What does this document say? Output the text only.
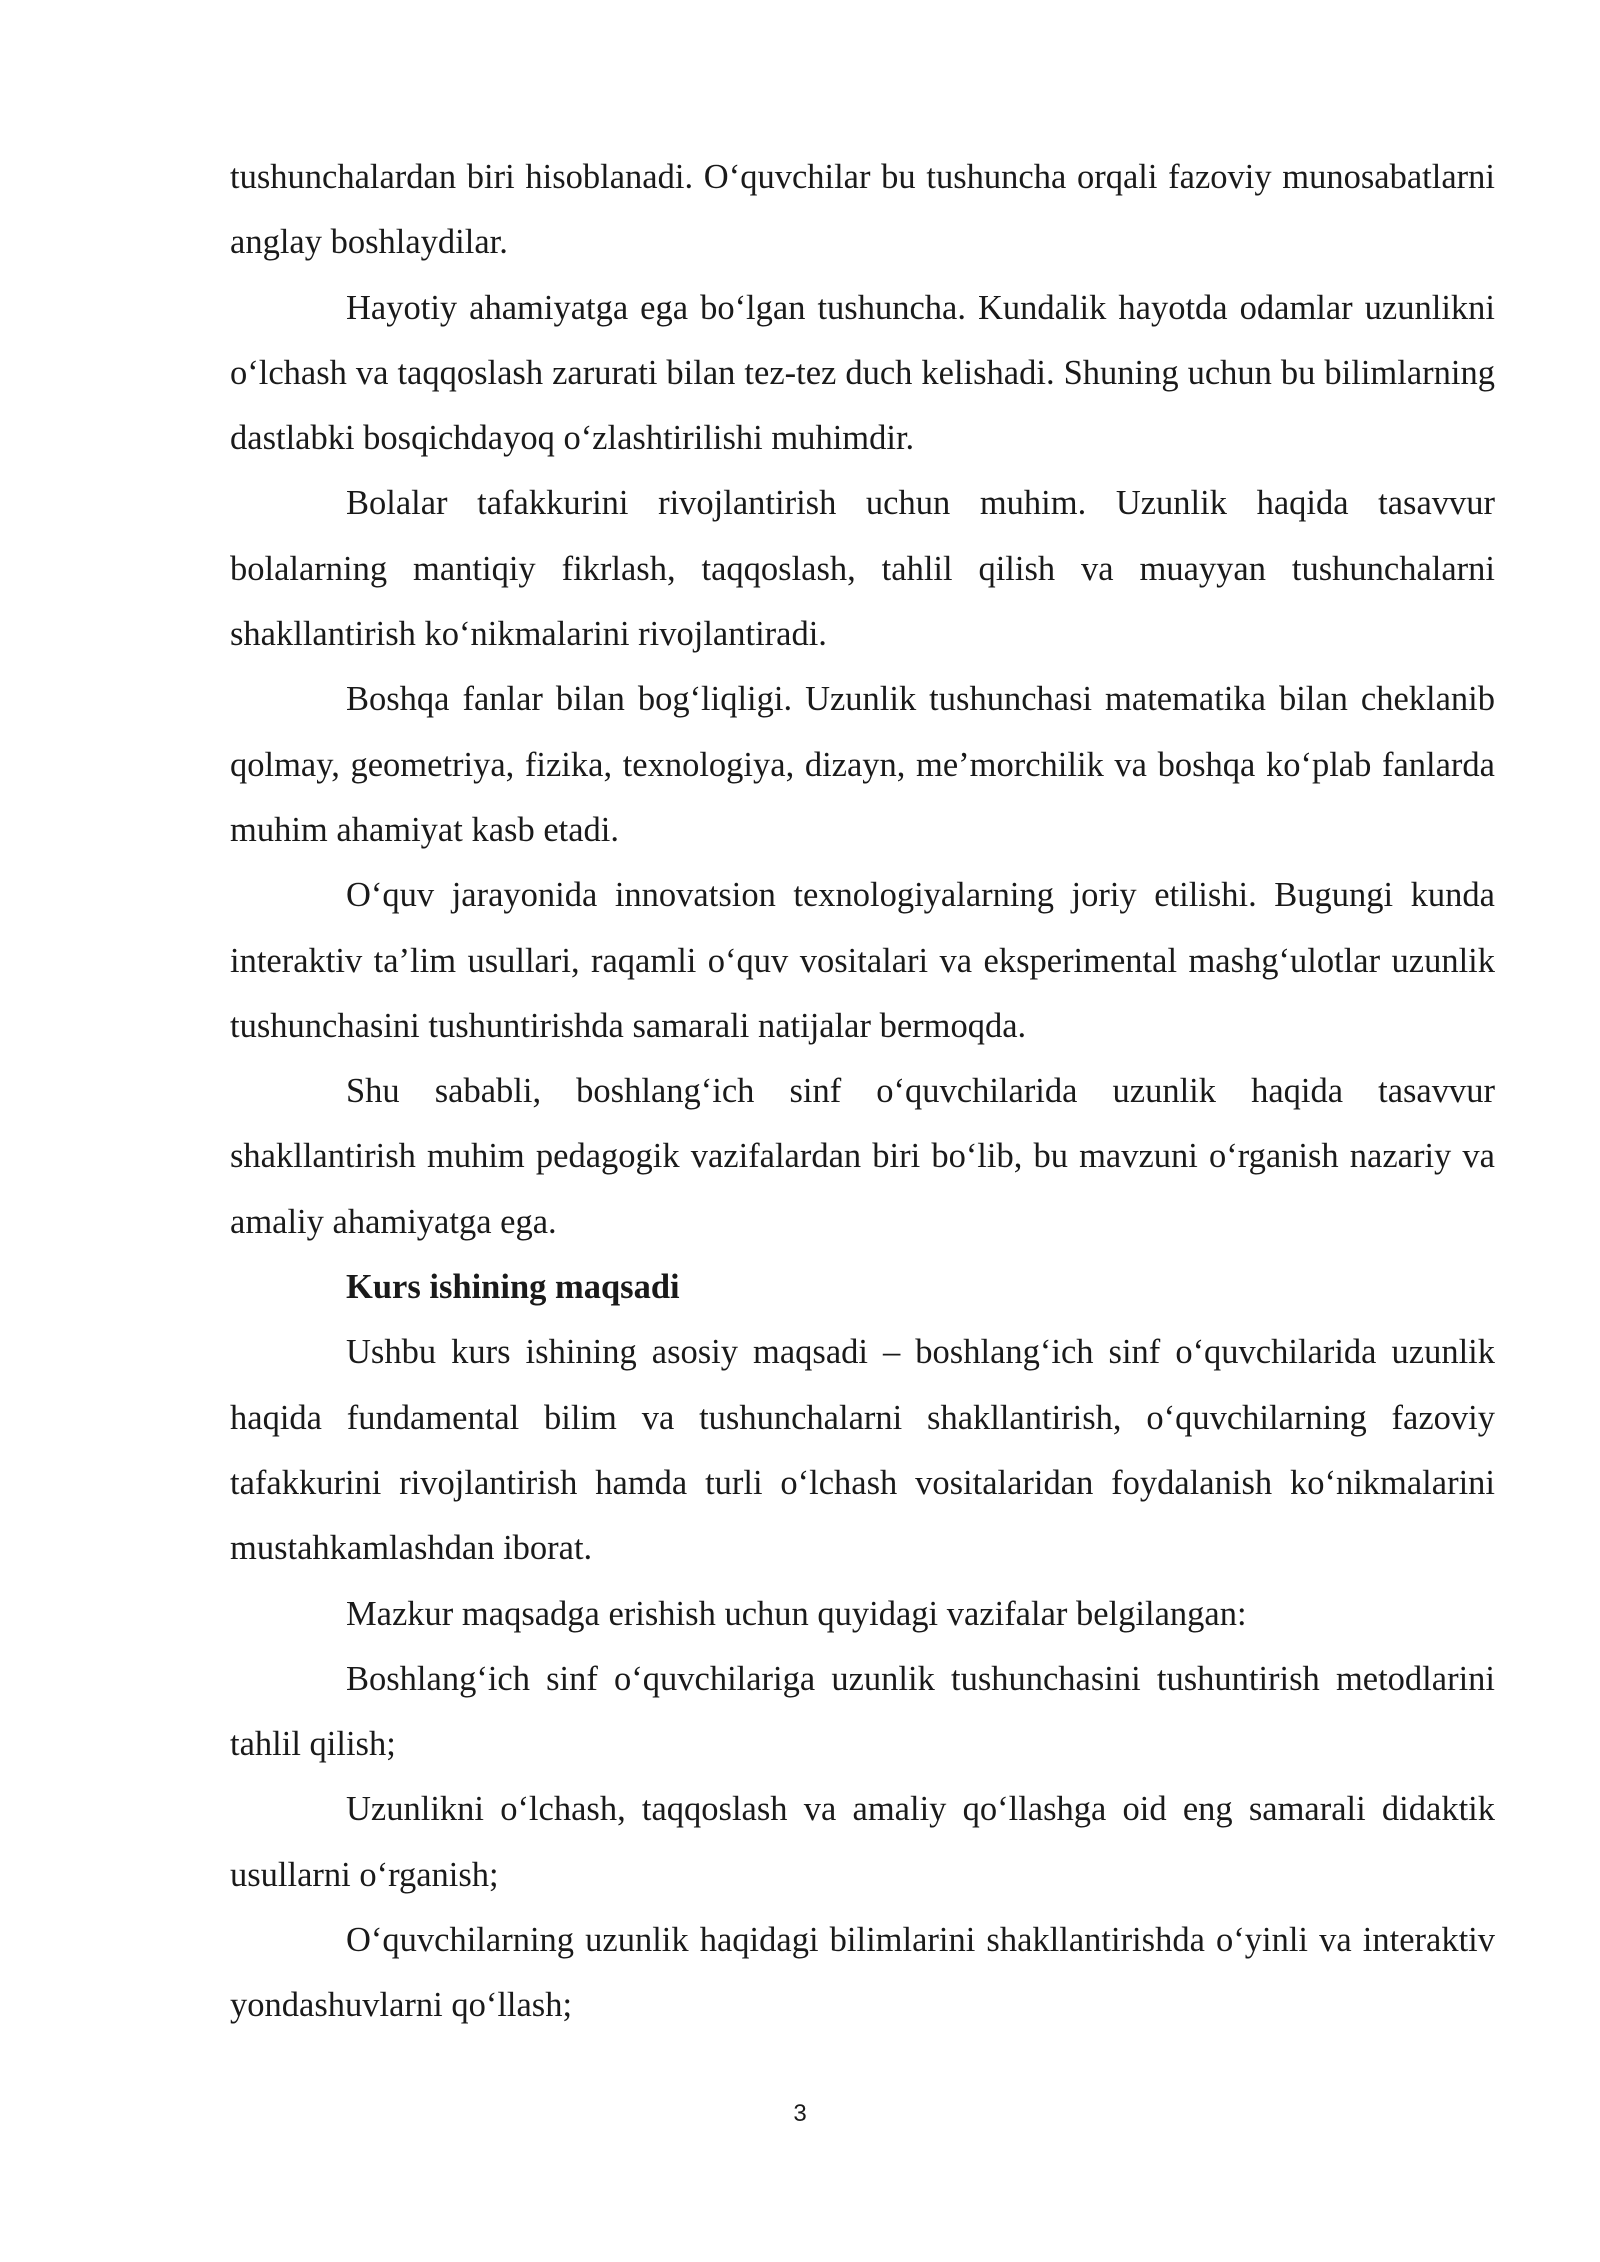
tushunchalardan biri hisoblanadi. O‘quvchilar bu tushuncha orqali fazoviy munosabatlarni anglay boshlaydilar.

Hayotiy ahamiyatga ega bo‘lgan tushuncha. Kundalik hayotda odamlar uzunlikni o‘lchash va taqqoslash zarurati bilan tez-tez duch kelishadi. Shuning uchun bu bilimlarning dastlabki bosqichdayoq o‘zlashtirilishi muhimdir.

Bolalar tafakkurini rivojlantirish uchun muhim. Uzunlik haqida tasavvur bolalarning mantiqiy fikrlash, taqqoslash, tahlil qilish va muayyan tushunchalarni shakllantirish ko‘nikmalarini rivojlantiradi.

Boshqa fanlar bilan bog‘liqligi. Uzunlik tushunchasi matematika bilan cheklanib qolmay, geometriya, fizika, texnologiya, dizayn, me’morchilik va boshqa ko‘plab fanlarda muhim ahamiyat kasb etadi.

O‘quv jarayonida innovatsion texnologiyalarning joriy etilishi. Bugungi kunda interaktiv ta’lim usullari, raqamli o‘quv vositalari va eksperimental mashg‘ulotlar uzunlik tushunchasini tushuntirishda samarali natijalar bermoqda.

Shu sababli, boshlang‘ich sinf o‘quvchilarida uzunlik haqida tasavvur shakllantirish muhim pedagogik vazifalardan biri bo‘lib, bu mavzuni o‘rganish nazariy va amaliy ahamiyatga ega.

Kurs ishining maqsadi

Ushbu kurs ishining asosiy maqsadi – boshlang‘ich sinf o‘quvchilarida uzunlik haqida fundamental bilim va tushunchalarni shakllantirish, o‘quvchilarning fazoviy tafakkurini rivojlantirish hamda turli o‘lchash vositalaridan foydalanish ko‘nikmalarini mustahkamlashdan iborat.

Mazkur maqsadga erishish uchun quyidagi vazifalar belgilangan:

Boshlang‘ich sinf o‘quvchilariga uzunlik tushunchasini tushuntirish metodlarini tahlil qilish;

Uzunlikni o‘lchash, taqqoslash va amaliy qo‘llashga oid eng samarali didaktik usullarni o‘rganish;

O‘quvchilarning uzunlik haqidagi bilimlarini shakllantirishda o‘yinli va interaktiv yondashuvlarni qo‘llash;

3
